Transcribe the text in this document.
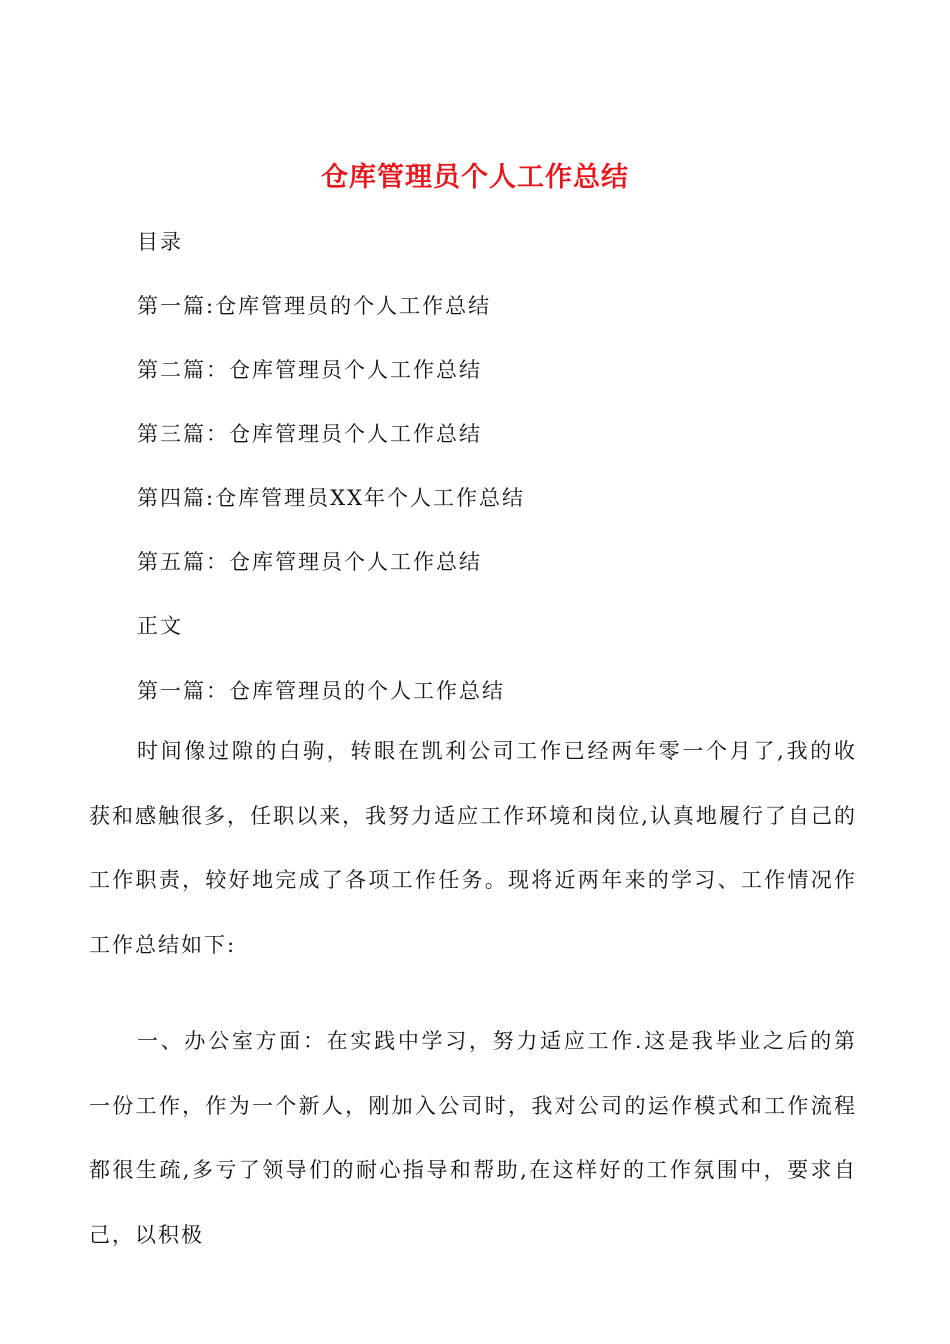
仓库管理员个人工作总结
目录
第一篇:仓库管理员的个人工作总结
第二篇：仓库管理员个人工作总结
第三篇：仓库管理员个人工作总结
第四篇:仓库管理员XX年个人工作总结
第五篇：仓库管理员个人工作总结
正文
第一篇：仓库管理员的个人工作总结
时间像过隙的白驹，转眼在凯利公司工作已经两年零一个月了,我的收获和感触很多，任职以来，我努力适应工作环境和岗位,认真地履行了自己的工作职责，较好地完成了各项工作任务。现将近两年来的学习、工作情况作工作总结如下:
一、办公室方面：在实践中学习，努力适应工作.这是我毕业之后的第一份工作，作为一个新人，刚加入公司时，我对公司的运作模式和工作流程都很生疏,多亏了领导们的耐心指导和帮助,在这样好的工作氛围中，要求自己，以积极
